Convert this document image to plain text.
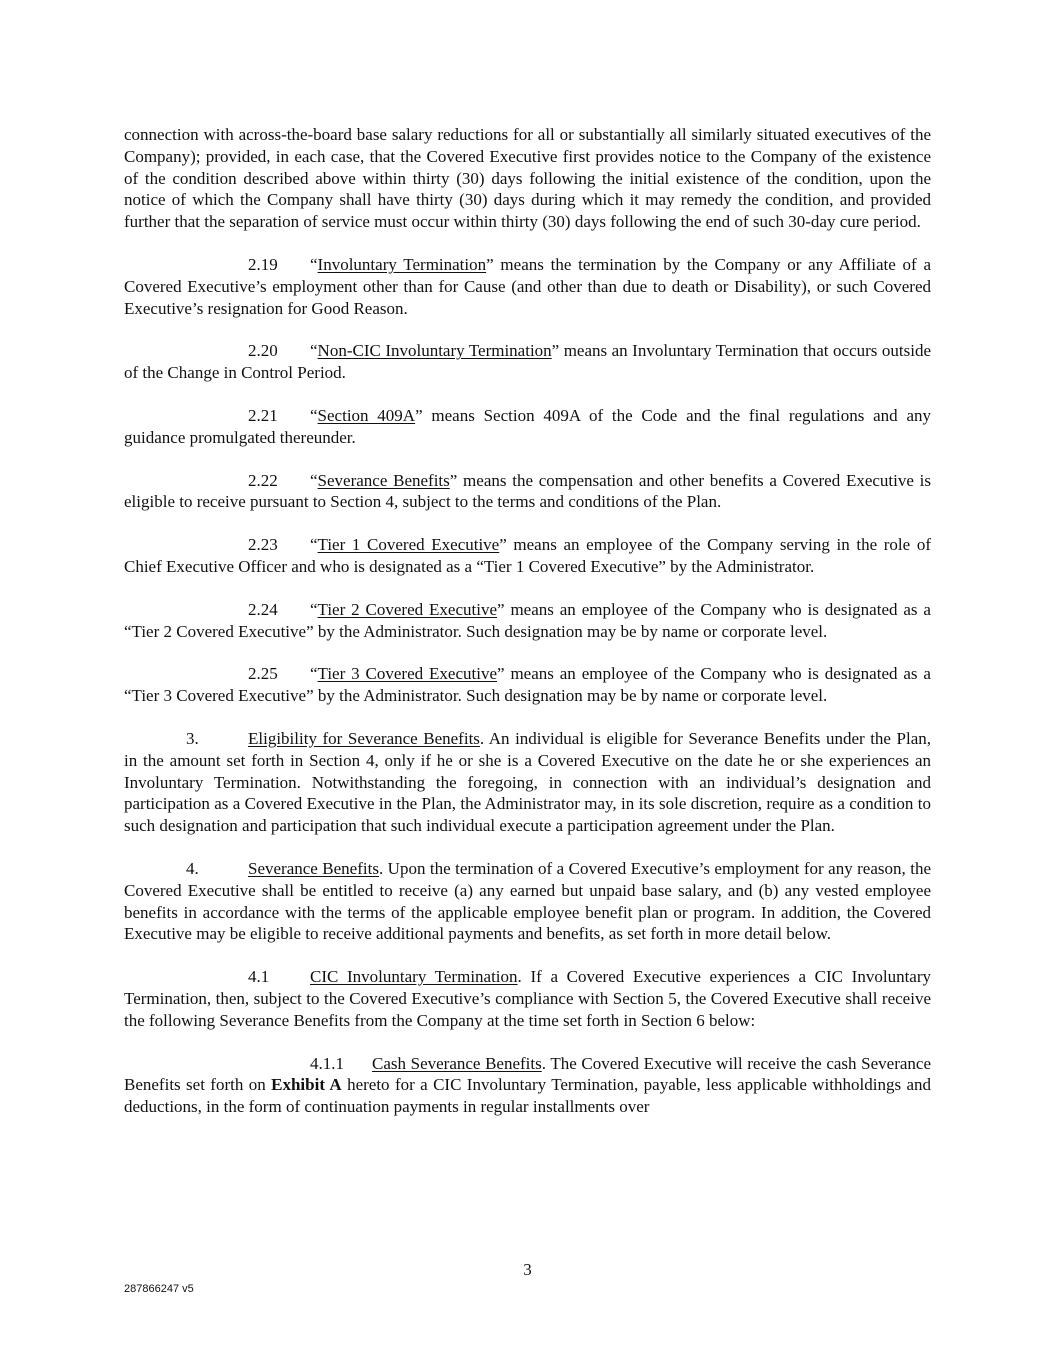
connection with across-the-board base salary reductions for all or substantially all similarly situated executives of the Company); provided, in each case, that the Covered Executive first provides notice to the Company of the existence of the condition described above within thirty (30) days following the initial existence of the condition, upon the notice of which the Company shall have thirty (30) days during which it may remedy the condition, and provided further that the separation of service must occur within thirty (30) days following the end of such 30-day cure period.

2.19 “Involuntary Termination” means the termination by the Company or any Affiliate of a Covered Executive’s employment other than for Cause (and other than due to death or Disability), or such Covered Executive’s resignation for Good Reason.

2.20 “Non-CIC Involuntary Termination” means an Involuntary Termination that occurs outside of the Change in Control Period.

2.21 “Section 409A” means Section 409A of the Code and the final regulations and any guidance promulgated thereunder.

2.22 “Severance Benefits” means the compensation and other benefits a Covered Executive is eligible to receive pursuant to Section 4, subject to the terms and conditions of the Plan.

2.23 “Tier 1 Covered Executive” means an employee of the Company serving in the role of Chief Executive Officer and who is designated as a “Tier 1 Covered Executive” by the Administrator.

2.24 “Tier 2 Covered Executive” means an employee of the Company who is designated as a “Tier 2 Covered Executive” by the Administrator. Such designation may be by name or corporate level.

2.25 “Tier 3 Covered Executive” means an employee of the Company who is designated as a “Tier 3 Covered Executive” by the Administrator. Such designation may be by name or corporate level.

3.	Eligibility for Severance Benefits. An individual is eligible for Severance Benefits under the Plan, in the amount set forth in Section 4, only if he or she is a Covered Executive on the date he or she experiences an Involuntary Termination. Notwithstanding the foregoing, in connection with an individual’s designation and participation as a Covered Executive in the Plan, the Administrator may, in its sole discretion, require as a condition to such designation and participation that such individual execute a participation agreement under the Plan.

4.	Severance Benefits. Upon the termination of a Covered Executive’s employment for any reason, the Covered Executive shall be entitled to receive (a) any earned but unpaid base salary, and (b) any vested employee benefits in accordance with the terms of the applicable employee benefit plan or program. In addition, the Covered Executive may be eligible to receive additional payments and benefits, as set forth in more detail below.

4.1 CIC Involuntary Termination. If a Covered Executive experiences a CIC Involuntary Termination, then, subject to the Covered Executive’s compliance with Section 5, the Covered Executive shall receive the following Severance Benefits from the Company at the time set forth in Section 6 below:

4.1.1 Cash Severance Benefits. The Covered Executive will receive the cash Severance Benefits set forth on Exhibit A hereto for a CIC Involuntary Termination, payable, less applicable withholdings and deductions, in the form of continuation payments in regular installments over

3
287866247 v5
